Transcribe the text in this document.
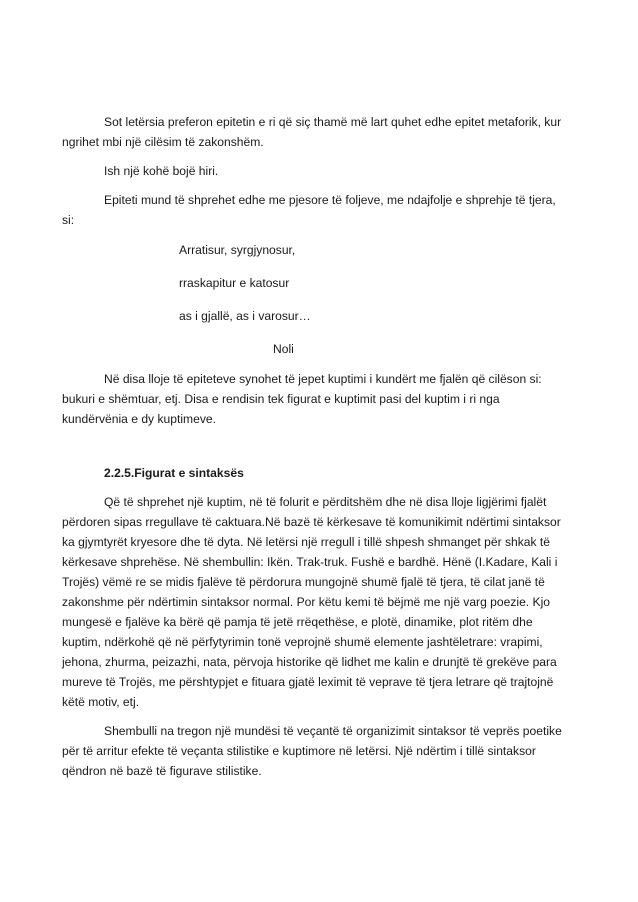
Sot letërsia preferon epitetin e ri që siç thamë më lart quhet edhe epitet metaforik, kur ngrihet mbi një cilësim të zakonshëm.

Ish një kohë bojë hiri.

Epiteti mund të shprehet edhe me pjesore të foljeve, me ndajfolje e shprehje të tjera, si:

Arratisur, syrgjynosur,

rraskapitur e katosur

as i gjallë, as i varosur…

Noli

Në disa lloje të epiteteve synohet të jepet kuptimi i kundërt me fjalën që cilëson si: bukuri e shëmtuar, etj. Disa e rendisin tek figurat e kuptimit pasi del kuptim i ri nga kundërvënia e dy kuptimeve.

2.2.5.Figurat e sintaksës

Që të shprehet një kuptim, në të folurit e përditshëm dhe në disa lloje ligjërimi fjalët përdoren sipas rregullave të caktuara.Në bazë të kërkesave të komunikimit ndërtimi sintaksor ka gjymtyrët kryesore dhe të dyta. Në letërsi një rregull i tillë shpesh shmanget për shkak të kërkesave shprehëse. Në shembullin: Ikën. Trak-truk. Fushë e bardhë. Hënë (I.Kadare, Kali i Trojës) vëmë re se midis fjalëve të përdorura mungojnë shumë fjalë të tjera, të cilat janë të zakonshme për ndërtimin sintaksor normal. Por këtu kemi të bëjmë me një varg poezie. Kjo mungesë e fjalëve ka bërë që pamja të jetë rrëqethëse, e plotë, dinamike, plot ritëm dhe kuptim, ndërkohë që në përfytyrimin tonë veprojnë shumë elemente jashtëletrare: vrapimi, jehona, zhurma, peizazhi, nata, përvoja historike që lidhet me kalin e drunjtë të grekëve para mureve të Trojës, me përshtypjet e fituara gjatë leximit të veprave të tjera letrare që trajtojnë këtë motiv, etj.

Shembulli na tregon një mundësi të veçantë të organizimit sintaksor të veprës poetike për të arritur efekte të veçanta stilistike e kuptimore në letërsi. Një ndërtim i tillë sintaksor qëndron në bazë të figurave stilistike.
